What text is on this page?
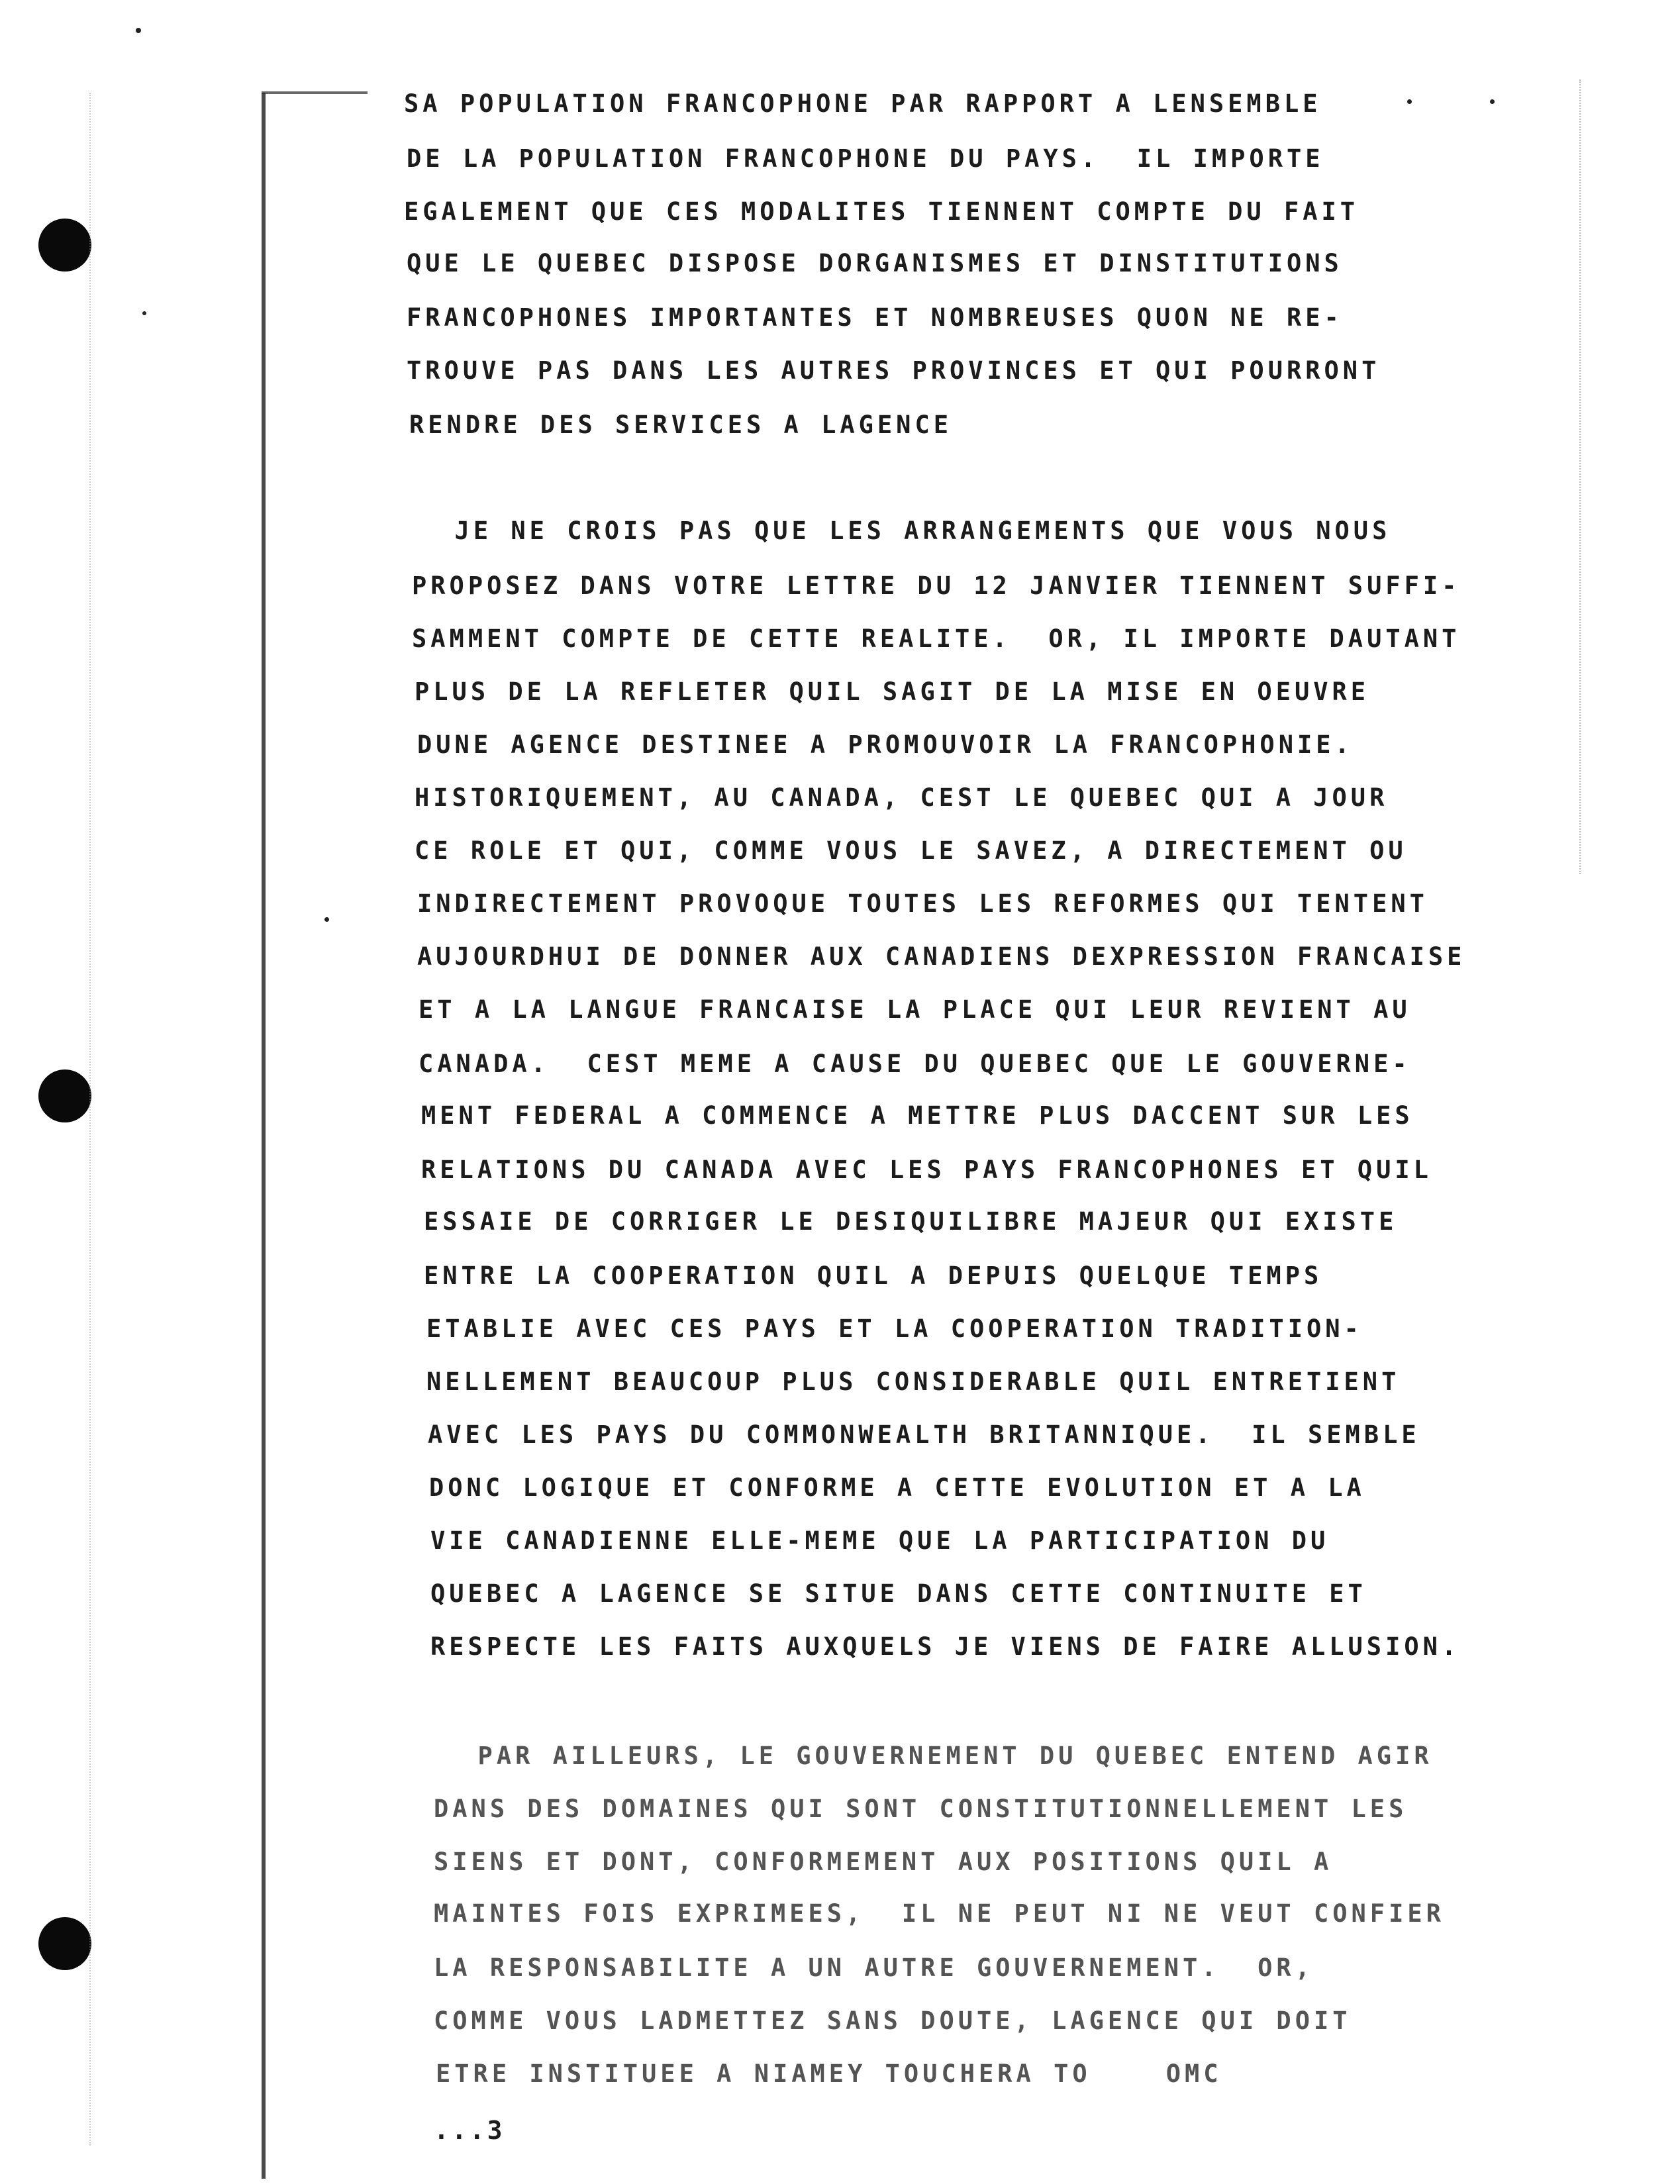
SA POPULATION FRANCOPHONE PAR RAPPORT A LENSEMBLE
DE LA POPULATION FRANCOPHONE DU PAYS.  IL IMPORTE
EGALEMENT QUE CES MODALITES TIENNENT COMPTE DU FAIT
QUE LE QUEBEC DISPOSE DORGANISMES ET DINSTITUTIONS
FRANCOPHONES IMPORTANTES ET NOMBREUSES QUON NE RE-
TROUVE PAS DANS LES AUTRES PROVINCES ET QUI POURRONT
RENDRE DES SERVICES A LAGENCE
JE NE CROIS PAS QUE LES ARRANGEMENTS QUE VOUS NOUS
PROPOSEZ DANS VOTRE LETTRE DU 12 JANVIER TIENNENT SUFFI-
SAMMENT COMPTE DE CETTE REALITE.  OR, IL IMPORTE DAUTANT
PLUS DE LA REFLETER QUIL SAGIT DE LA MISE EN OEUVRE
DUNE AGENCE DESTINEE A PROMOUVOIR LA FRANCOPHONIE.
HISTORIQUEMENT, AU CANADA, CEST LE QUEBEC QUI A JOUR
CE ROLE ET QUI, COMME VOUS LE SAVEZ, A DIRECTEMENT OU
INDIRECTEMENT PROVOQUE TOUTES LES REFORMES QUI TENTENT
AUJOURDHUI DE DONNER AUX CANADIENS DEXPRESSION FRANCAISE
ET A LA LANGUE FRANCAISE LA PLACE QUI LEUR REVIENT AU
CANADA.  CEST MEME A CAUSE DU QUEBEC QUE LE GOUVERNE-
MENT FEDERAL A COMMENCE A METTRE PLUS DACCENT SUR LES
RELATIONS DU CANADA AVEC LES PAYS FRANCOPHONES ET QUIL
ESSAIE DE CORRIGER LE DESIQUILIBRE MAJEUR QUI EXISTE
ENTRE LA COOPERATION QUIL A DEPUIS QUELQUE TEMPS
ETABLIE AVEC CES PAYS ET LA COOPERATION TRADITION-
NELLEMENT BEAUCOUP PLUS CONSIDERABLE QUIL ENTRETIENT
AVEC LES PAYS DU COMMONWEALTH BRITANNIQUE.  IL SEMBLE
DONC LOGIQUE ET CONFORME A CETTE EVOLUTION ET A LA
VIE CANADIENNE ELLE-MEME QUE LA PARTICIPATION DU
QUEBEC A LAGENCE SE SITUE DANS CETTE CONTINUITE ET
RESPECTE LES FAITS AUXQUELS JE VIENS DE FAIRE ALLUSION.
PAR AILLEURS, LE GOUVERNEMENT DU QUEBEC ENTEND AGIR
DANS DES DOMAINES QUI SONT CONSTITUTIONNELLEMENT LES
SIENS ET DONT, CONFORMEMENT AUX POSITIONS QUIL A
MAINTES FOIS EXPRIMEES,  IL NE PEUT NI NE VEUT CONFIER
LA RESPONSABILITE A UN AUTRE GOUVERNEMENT.  OR,
COMME VOUS LADMETTEZ SANS DOUTE, LAGENCE QUI DOIT
ETRE INSTITUEE A NIAMEY TOUCHERA TO    OMC
...3
